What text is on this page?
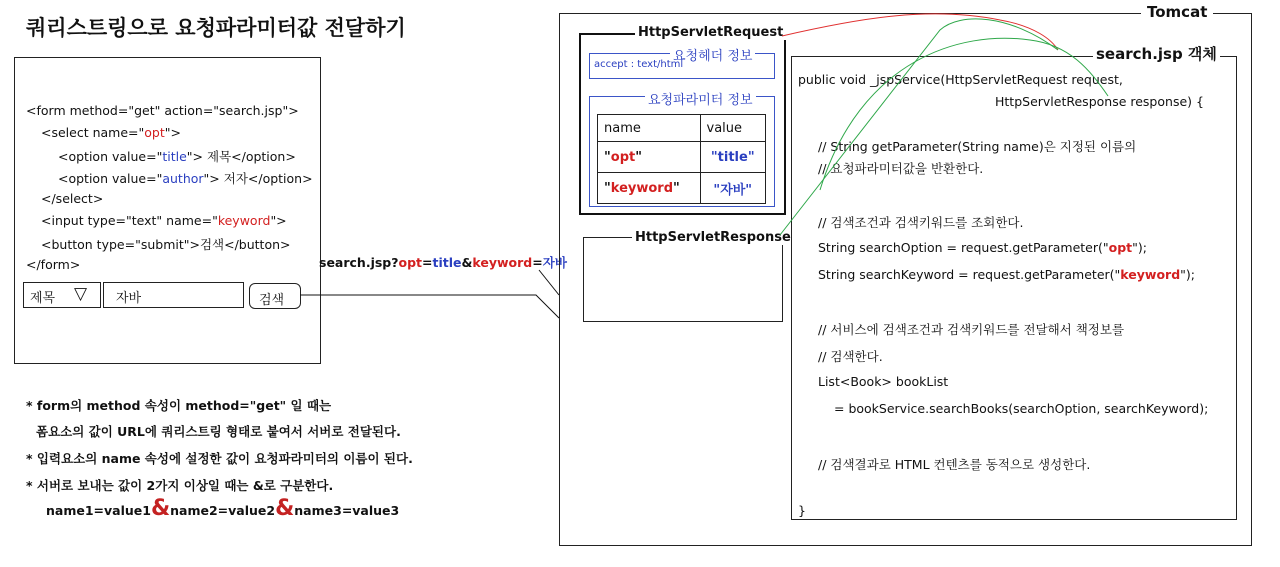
쿼리스트링으로 요청파라미터값 전달하기
<form method="get" action="search.jsp">
<select name="opt">
<option value="title"> 제목</option>
<option value="author"> 저자</option>
</select>
<input type="text" name="keyword">
<button type="submit">검색</button>
</form>
제목 ▽ 자바	검색
search.jsp?opt=title&keyword=자바
* form의 method 속성이 method="get" 일 때는
폼요소의 값이 URL에 쿼리스트링 형태로 붙여서 서버로 전달된다.
* 입력요소의 name 속성에 설정한 값이 요청파라미터의 이름이 된다.
* 서버로 보내는 값이 2가지 이상일 때는 &로 구분한다.
name1=value1&name2=value2&name3=value3
Tomcat
HttpServletRequest
요청헤더 정보
accept : text/html
요청파라미터 정보
name	value
"opt"	"title"
"keyword"	"자바"
HttpServletResponse
search.jsp 객체
public void _jspService(HttpServletRequest request,
HttpServletResponse response) {
// String getParameter(String name)은 지정된 이름의
// 요청파라미터값을 반환한다.
// 검색조건과 검색키워드를 조회한다.
String searchOption = request.getParameter("opt");
String searchKeyword = request.getParameter("keyword");
// 서비스에 검색조건과 검색키워드를 전달해서 책정보를
// 검색한다.
List<Book> bookList
= bookService.searchBooks(searchOption, searchKeyword);
// 검색결과로 HTML 컨텐츠를 동적으로 생성한다.
}
